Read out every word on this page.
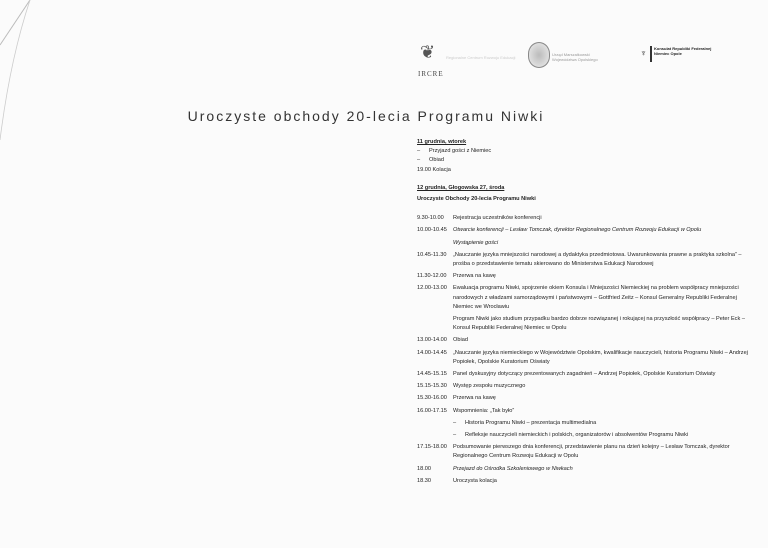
❦
IRCRE
Regionalne Centrum Rozwoju Edukacji
Urząd Marszałkowski Województwa Opolskiego
♆ Konsulat Republiki Federalnej Niemiec Opole
Uroczyste obchody 20-lecia Programu Niwki
11 grudnia, wtorek
– Przyjazd gości z Niemiec
– Obiad
19.00 Kolacja
12 grudnia, Głogowska 27, środa
Uroczyste Obchody 20-lecia Programu Niwki
9.30-10.00	Rejestracja uczestników konferencji
10.00-10.45	Otwarcie konferencji – Lesław Tomczak, dyrektor Regionalnego Centrum Rozwoju Edukacji w Opolu
Wystąpienie gości
10.45-11.30	„Nauczanie języka mniejszości narodowej a dydaktyka przedmiotowa. Uwarunkowania prawne a praktyka szkolna” – prośba o przedstawienie tematu skierowano do Ministerstwa Edukacji Narodowej
11.30-12.00	Przerwa na kawę
12.00-13.00	Ewaluacja programu Niwki, spojrzenie okiem Konsula i Mniejszości Niemieckiej na problem współpracy mniejszości narodowych z władzami samorządowymi i państwowymi – Gottfried Zeitz – Konsul Generalny Republiki Federalnej Niemiec we Wrocławiu
Program Niwki jako studium przypadku bardzo dobrze rozwiązanej i rokującej na przyszłość współpracy – Peter Eck – Konsul Republiki Federalnej Niemiec w Opolu
13.00-14.00	Obiad
14.00-14.45	„Nauczanie języka niemieckiego w Województwie Opolskim, kwalifikacje nauczycieli, historia Programu Niwki – Andrzej Popiołek, Opolskie Kuratorium Oświaty
14.45-15.15	Panel dyskusyjny dotyczący prezentowanych zagadnień – Andrzej Popiołek, Opolskie Kuratorium Oświaty
15.15-15.30	Występ zespołu muzycznego
15.30-16.00	Przerwa na kawę
16.00-17.15	Wspomnienia: „Tak było”
– Historia Programu Niwki – prezentacja multimedialna
– Refleksje nauczycieli niemieckich i polskich, organizatorów i absolwentów Programu Niwki
17.15-18.00	Podsumowanie pierwszego dnia konferencji, przedstawienie planu na dzień kolejny – Lesław Tomczak, dyrektor Regionalnego Centrum Rozwoju Edukacji w Opolu
18.00	Przejazd do Ośrodka Szkoleniowego w Niwkach
18.30	Uroczysta kolacja
